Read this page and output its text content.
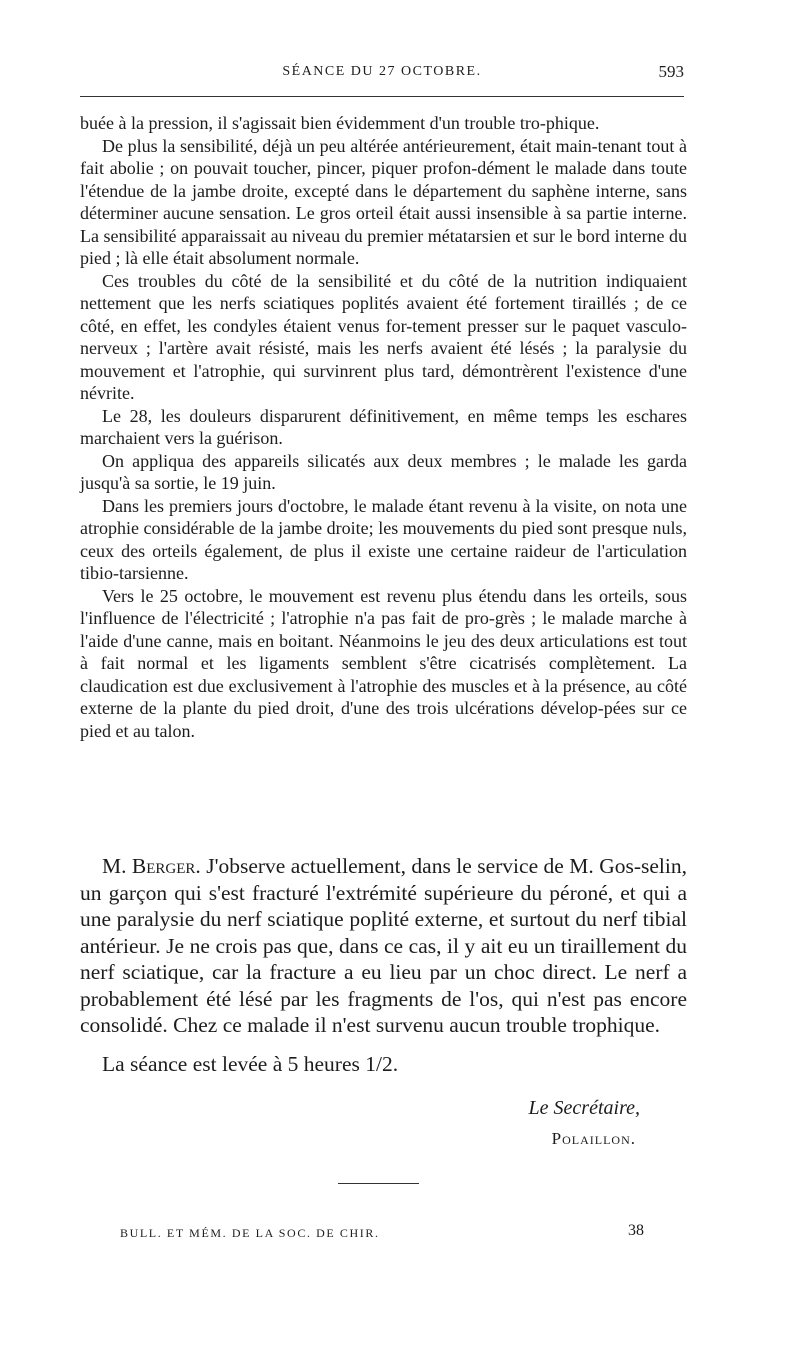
SÉANCE DU 27 OCTOBRE.	593

buée à la pression, il s'agissait bien évidemment d'un trouble tro-phique.

De plus la sensibilité, déjà un peu altérée antérieurement, était main-tenant tout à fait abolie ; on pouvait toucher, pincer, piquer profon-dément le malade dans toute l'étendue de la jambe droite, excepté dans le département du saphène interne, sans déterminer aucune sensation. Le gros orteil était aussi insensible à sa partie interne. La sensibilité apparaissait au niveau du premier métatarsien et sur le bord interne du pied ; là elle était absolument normale.

Ces troubles du côté de la sensibilité et du côté de la nutrition indiquaient nettement que les nerfs sciatiques poplités avaient été fortement tiraillés ; de ce côté, en effet, les condyles étaient venus for-tement presser sur le paquet vasculo-nerveux ; l'artère avait résisté, mais les nerfs avaient été lésés ; la paralysie du mouvement et l'atrophie, qui survinrent plus tard, démontrèrent l'existence d'une névrite.

Le 28, les douleurs disparurent définitivement, en même temps les eschares marchaient vers la guérison.

On appliqua des appareils silicatés aux deux membres ; le malade les garda jusqu'à sa sortie, le 19 juin.

Dans les premiers jours d'octobre, le malade étant revenu à la visite, on nota une atrophie considérable de la jambe droite; les mouvements du pied sont presque nuls, ceux des orteils également, de plus il existe une certaine raideur de l'articulation tibio-tarsienne.

Vers le 25 octobre, le mouvement est revenu plus étendu dans les orteils, sous l'influence de l'électricité ; l'atrophie n'a pas fait de pro-grès ; le malade marche à l'aide d'une canne, mais en boitant. Néanmoins le jeu des deux articulations est tout à fait normal et les ligaments semblent s'être cicatrisés complètement. La claudication est due exclusivement à l'atrophie des muscles et à la présence, au côté externe de la plante du pied droit, d'une des trois ulcérations dévelop-pées sur ce pied et au talon.

M. Berger. J'observe actuellement, dans le service de M. Gos-selin, un garçon qui s'est fracturé l'extrémité supérieure du péroné, et qui a une paralysie du nerf sciatique poplité externe, et surtout du nerf tibial antérieur. Je ne crois pas que, dans ce cas, il y ait eu un tiraillement du nerf sciatique, car la fracture a eu lieu par un choc direct. Le nerf a probablement été lésé par les fragments de l'os, qui n'est pas encore consolidé. Chez ce malade il n'est survenu aucun trouble trophique.

La séance est levée à 5 heures 1/2.

Le Secrétaire,
Polaillon.
BULL. ET MÉM. DE LA SOC. DE CHIR.	38
